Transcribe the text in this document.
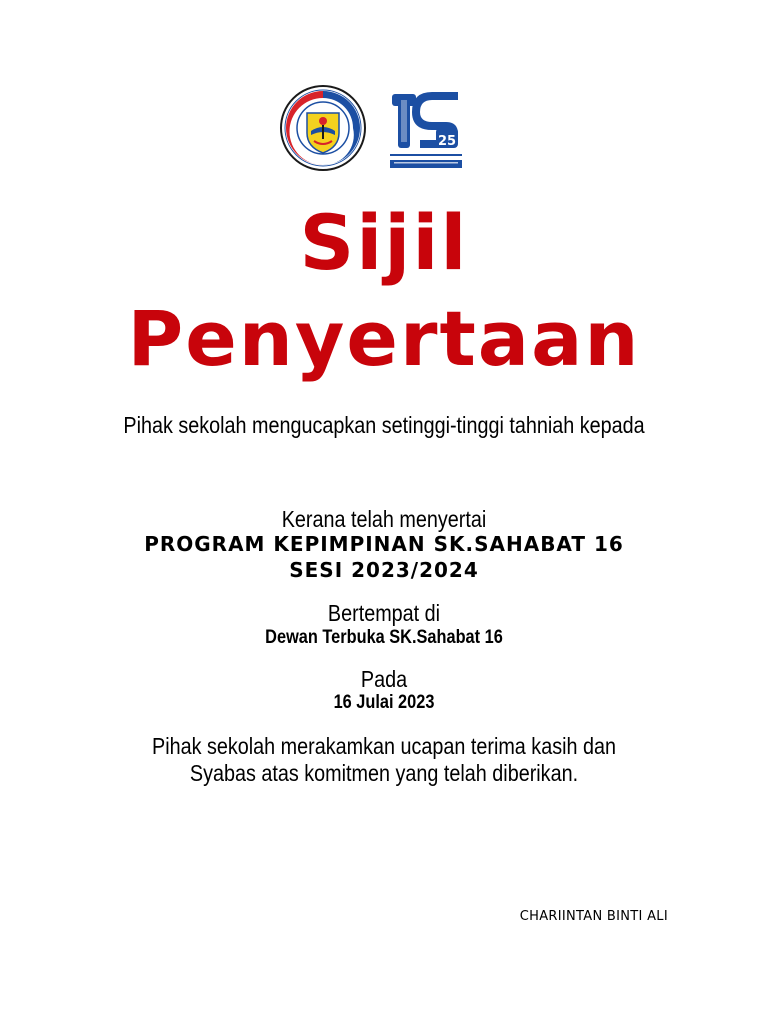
25
Sijil
Penyertaan
Pihak sekolah mengucapkan setinggi-tinggi tahniah kepada
Kerana telah menyertai
PROGRAM KEPIMPINAN SK.SAHABAT 16
SESI 2023/2024
Bertempat di
Dewan Terbuka SK.Sahabat 16
Pada
16 Julai 2023
Pihak sekolah merakamkan ucapan terima kasih dan
Syabas atas komitmen yang telah diberikan.
CHARIINTAN BINTI ALI
